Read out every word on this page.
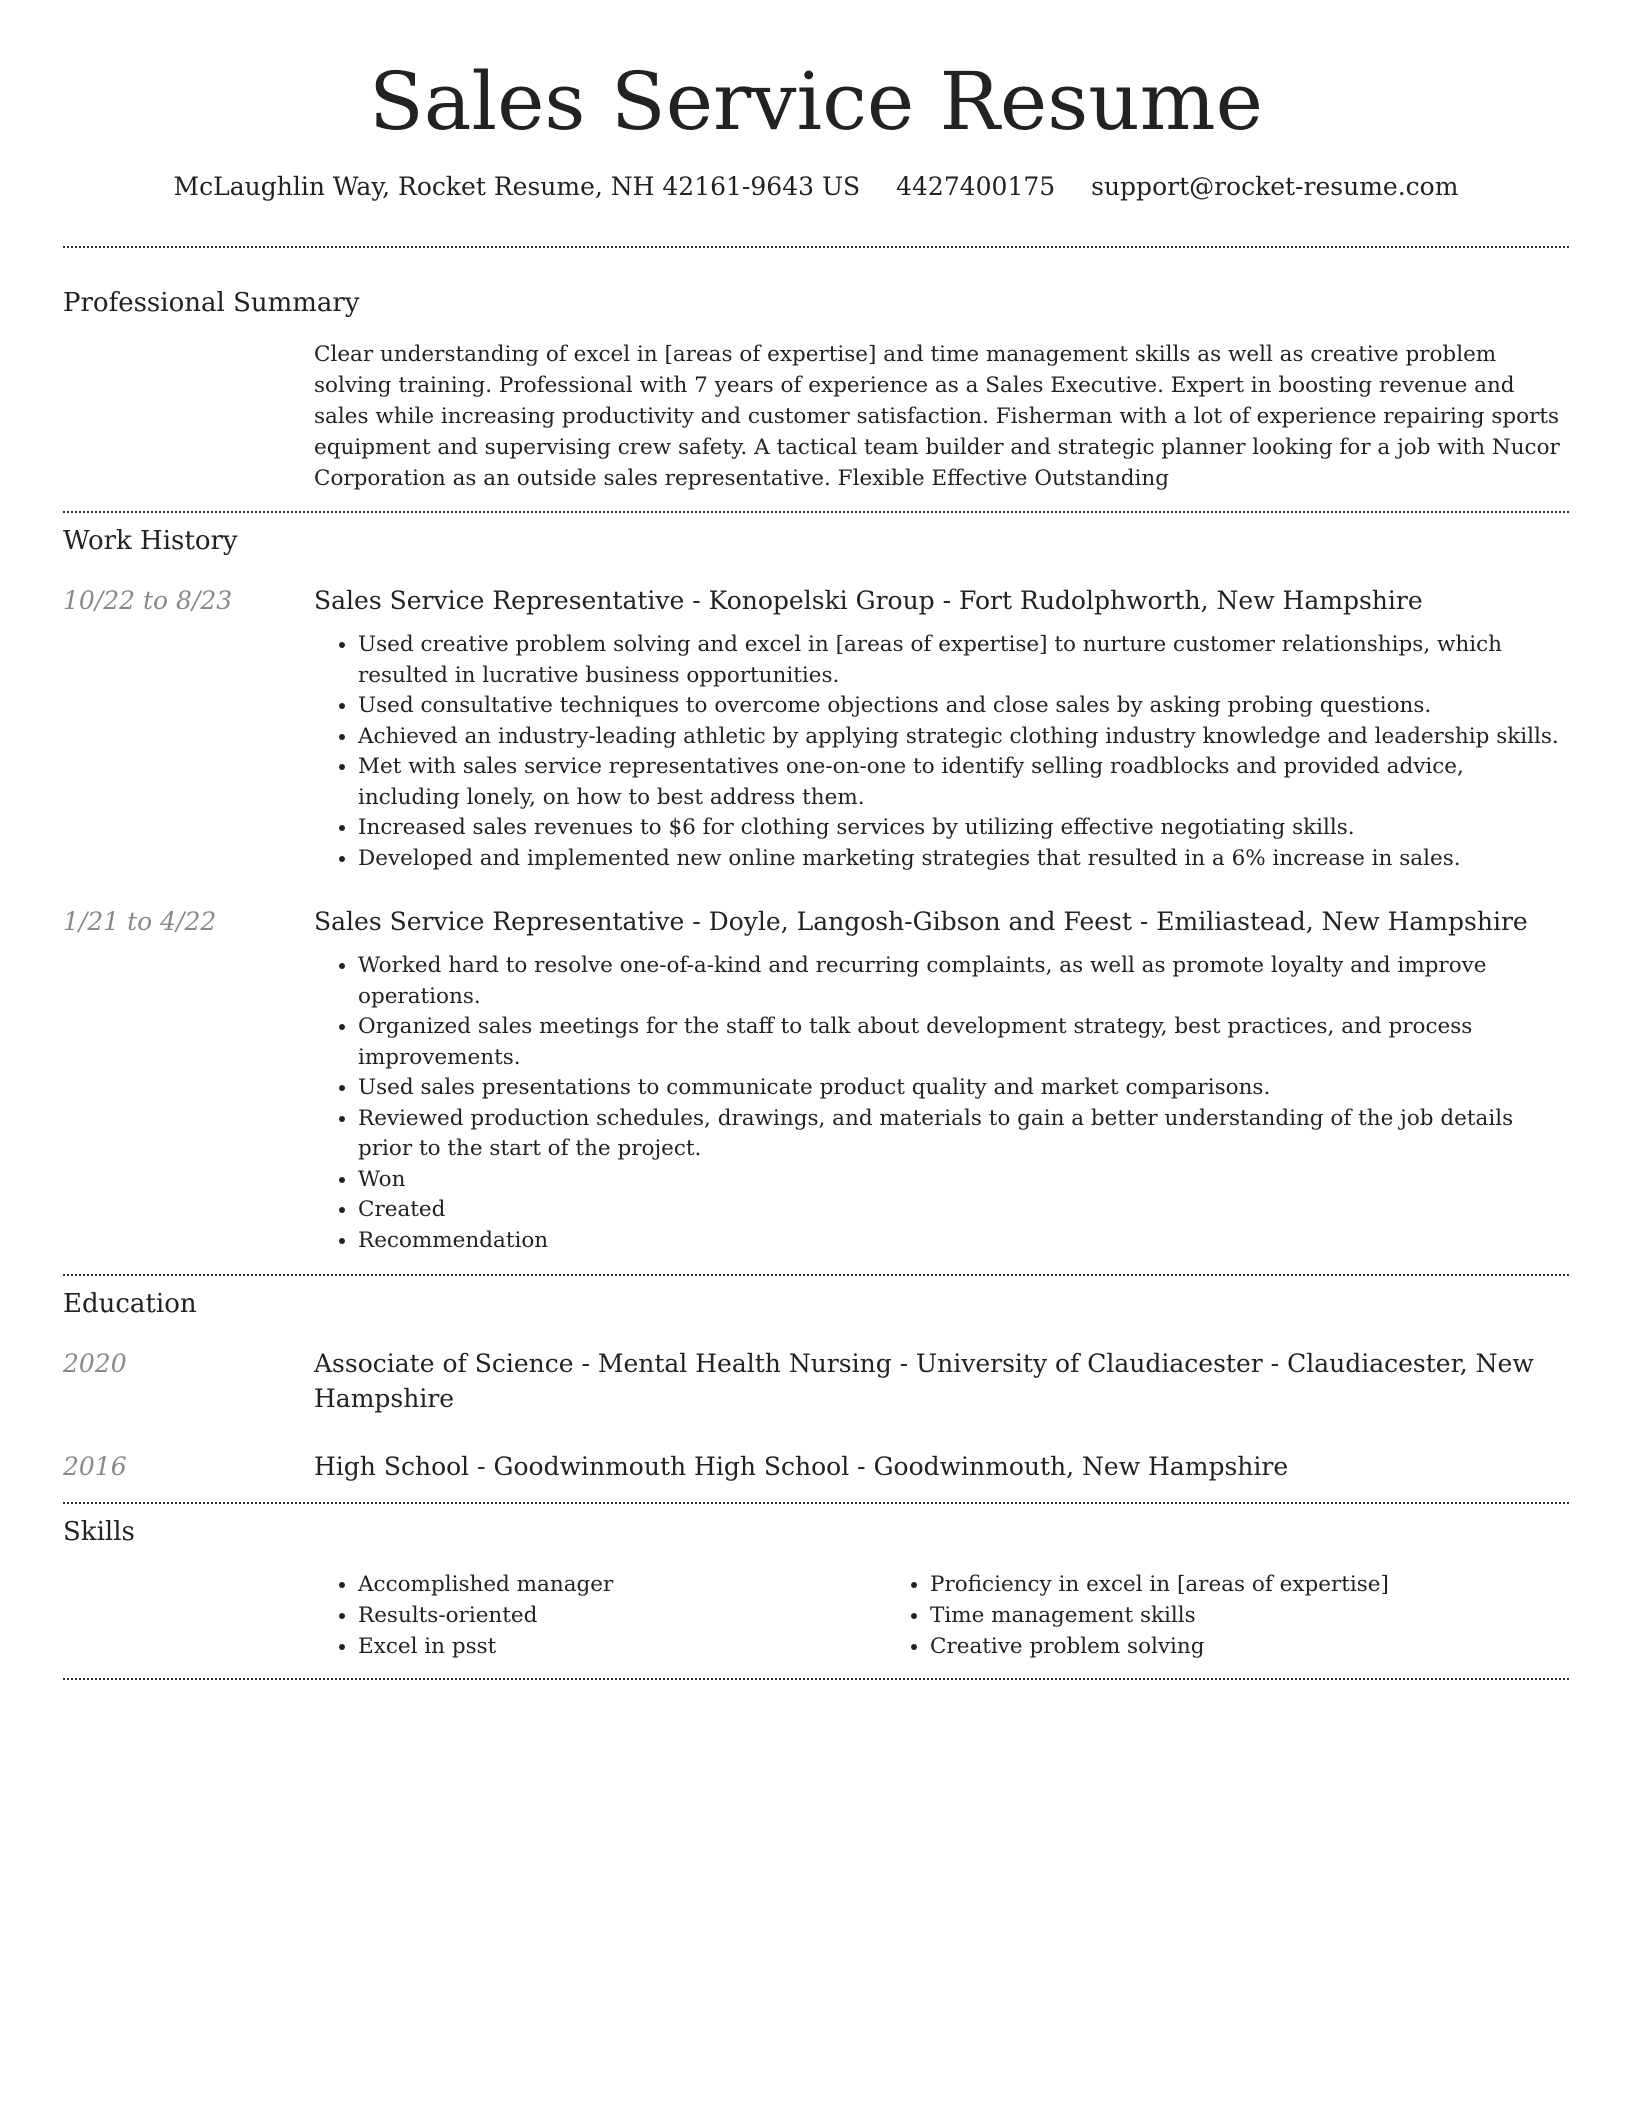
Sales Service Resume
McLaughlin Way, Rocket Resume, NH 42161-9643 US 4427400175 support@rocket-resume.com
Professional Summary
Clear understanding of excel in [areas of expertise] and time management skills as well as creative problem solving training. Professional with 7 years of experience as a Sales Executive. Expert in boosting revenue and sales while increasing productivity and customer satisfaction. Fisherman with a lot of experience repairing sports equipment and supervising crew safety. A tactical team builder and strategic planner looking for a job with Nucor Corporation as an outside sales representative. Flexible Effective Outstanding
Work History
10/22 to 8/23	Sales Service Representative - Konopelski Group - Fort Rudolphworth, New Hampshire
• Used creative problem solving and excel in [areas of expertise] to nurture customer relationships, which resulted in lucrative business opportunities.
• Used consultative techniques to overcome objections and close sales by asking probing questions.
• Achieved an industry-leading athletic by applying strategic clothing industry knowledge and leadership skills.
• Met with sales service representatives one-on-one to identify selling roadblocks and provided advice, including lonely, on how to best address them.
• Increased sales revenues to $6 for clothing services by utilizing effective negotiating skills.
• Developed and implemented new online marketing strategies that resulted in a 6% increase in sales.
1/21 to 4/22	Sales Service Representative - Doyle, Langosh-Gibson and Feest - Emiliastead, New Hampshire
• Worked hard to resolve one-of-a-kind and recurring complaints, as well as promote loyalty and improve operations.
• Organized sales meetings for the staff to talk about development strategy, best practices, and process improvements.
• Used sales presentations to communicate product quality and market comparisons.
• Reviewed production schedules, drawings, and materials to gain a better understanding of the job details prior to the start of the project.
• Won
• Created
• Recommendation
Education
2020	Associate of Science - Mental Health Nursing - University of Claudiacester - Claudiacester, New Hampshire
2016	High School - Goodwinmouth High School - Goodwinmouth, New Hampshire
Skills
• Accomplished manager
• Results-oriented
• Excel in psst
• Proficiency in excel in [areas of expertise]
• Time management skills
• Creative problem solving
